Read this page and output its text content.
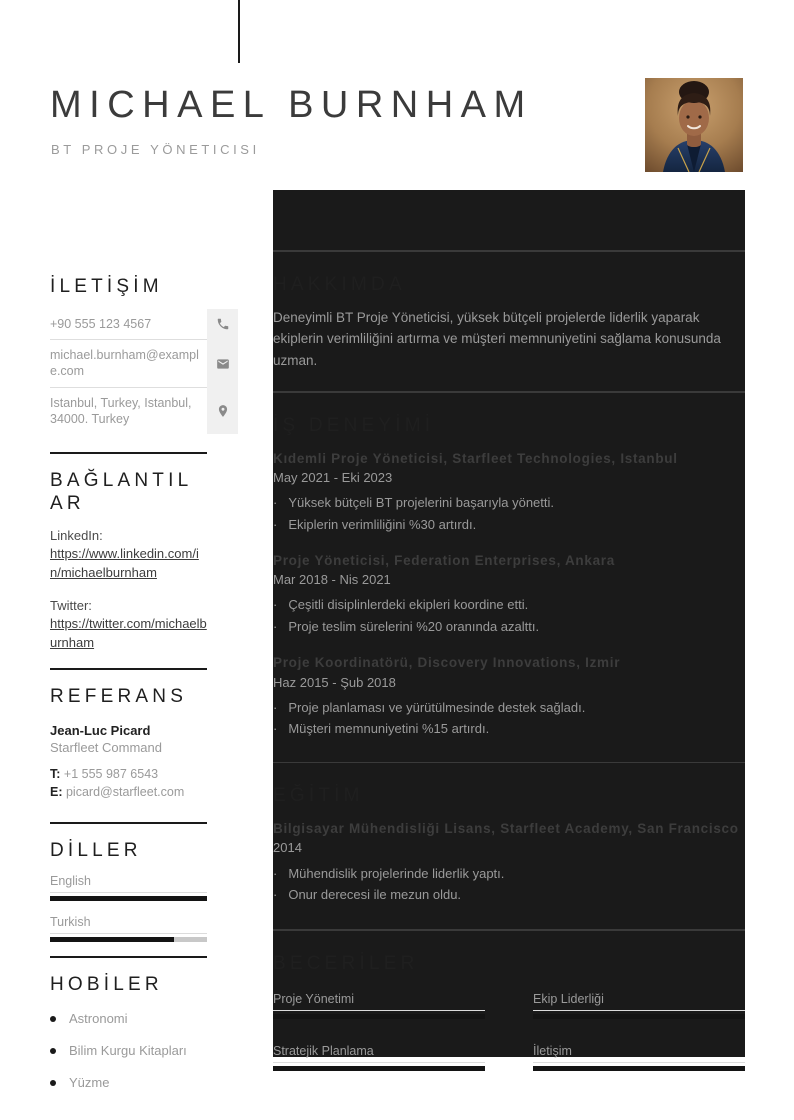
MICHAEL BURNHAM
BT PROJE YÖNETICISI
İLETİŞİM
+90 555 123 4567
michael.burnham@example.com
Istanbul, Turkey, Istanbul, 34000. Turkey
BAĞLANTILAR
LinkedIn:
https://www.linkedin.com/in/michaelburnham
Twitter:
https://twitter.com/michaelburnham
REFERANS
Jean-Luc Picard
Starfleet Command
T: +1 555 987 6543
E: picard@starfleet.com
DİLLER
English
Turkish
HOBİLER
Astronomi
Bilim Kurgu Kitapları
Yüzme
HAKKIMDA

Deneyimli BT Proje Yöneticisi, yüksek bütçeli projelerde liderlik yaparak ekiplerin verimliliğini artırma ve müşteri memnuniyetini sağlama konusunda uzman.

İŞ DENEYİMİ
Kıdemli Proje Yöneticisi, Starfleet Technologies, Istanbul
May 2021 - Eki 2023
· Yüksek bütçeli BT projelerini başarıyla yönetti.
· Ekiplerin verimliliğini %30 artırdı.
Proje Yöneticisi, Federation Enterprises, Ankara
Mar 2018 - Nis 2021
· Çeşitli disiplinlerdeki ekipleri koordine etti.
· Proje teslim sürelerini %20 oranında azalttı.
Proje Koordinatörü, Discovery Innovations, Izmir
Haz 2015 - Şub 2018
· Proje planlaması ve yürütülmesinde destek sağladı.
· Müşteri memnuniyetini %15 artırdı.
EĞİTİM
Bilgisayar Mühendisliği Lisans, Starfleet Academy, San Francisco
2014
· Mühendislik projelerinde liderlik yaptı.
· Onur derecesi ile mezun oldu.
BECERİLER
Proje Yönetimi	Ekip Liderliği
Stratejik Planlama	İletişim
